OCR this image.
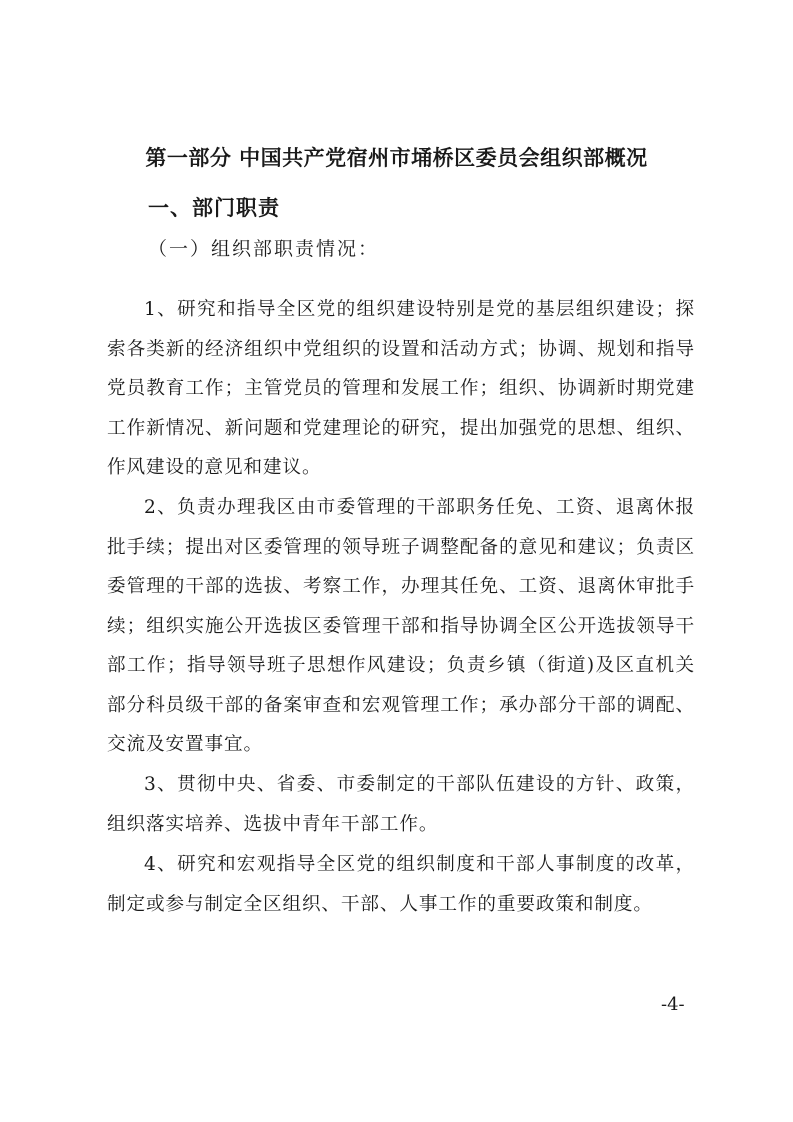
第一部分 中国共产党宿州市埇桥区委员会组织部概况
一、部门职责
（一）组织部职责情况：

1、研究和指导全区党的组织建设特别是党的基层组织建设；探索各类新的经济组织中党组织的设置和活动方式；协调、规划和指导党员教育工作；主管党员的管理和发展工作；组织、协调新时期党建工作新情况、新问题和党建理论的研究，提出加强党的思想、组织、作风建设的意见和建议。

2、负责办理我区由市委管理的干部职务任免、工资、退离休报批手续；提出对区委管理的领导班子调整配备的意见和建议；负责区委管理的干部的选拔、考察工作，办理其任免、工资、退离休审批手续；组织实施公开选拔区委管理干部和指导协调全区公开选拔领导干部工作；指导领导班子思想作风建设；负责乡镇（街道)及区直机关部分科员级干部的备案审查和宏观管理工作；承办部分干部的调配、交流及安置事宜。

3、贯彻中央、省委、市委制定的干部队伍建设的方针、政策，组织落实培养、选拔中青年干部工作。

4、研究和宏观指导全区党的组织制度和干部人事制度的改革，制定或参与制定全区组织、干部、人事工作的重要政策和制度。

-4-
